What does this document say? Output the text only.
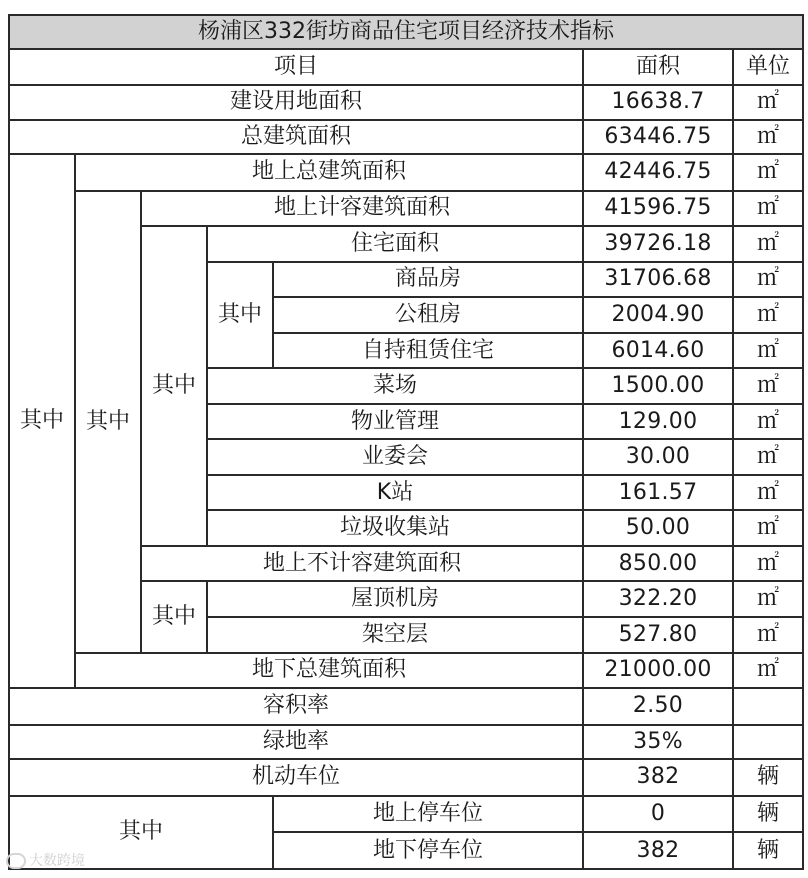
杨浦区332街坊商品住宅项目经济技术指标						
项目					面积	单位
建设用地面积					16638.7	㎡
总建筑面积					63446.75	㎡
其中	地上总建筑面积				42446.75	㎡
	其中	地上计容建筑面积			41596.75	㎡
		其中	住宅面积		39726.18	㎡
			其中	商品房	31706.68	㎡
				公租房	2004.90	㎡
				自持租赁住宅	6014.60	㎡
			菜场		1500.00	㎡
			物业管理		129.00	㎡
			业委会		30.00	㎡
			K站		161.57	㎡
			垃圾收集站		50.00	㎡
		地上不计容建筑面积			850.00	㎡
		其中	屋顶机房		322.20	㎡
			架空层		527.80	㎡
	地下总建筑面积				21000.00	㎡
容积率					2.50	
绿地率					35%	
机动车位					382	辆
其中				地上停车位	0	辆
				地下停车位	382	辆
大数跨境
